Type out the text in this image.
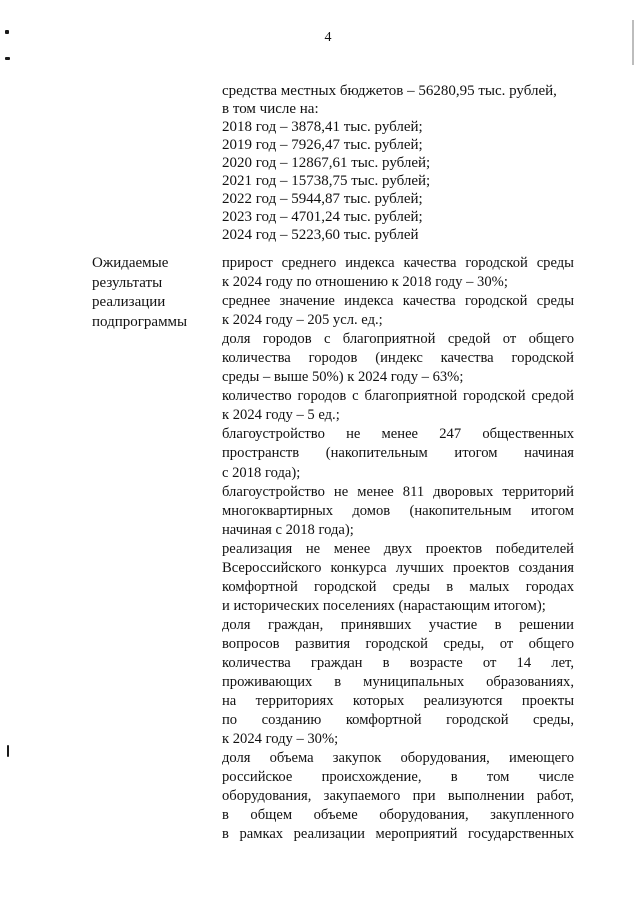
4
средства местных бюджетов – 56280,95 тыс. рублей,
в том числе на:
2018 год – 3878,41 тыс. рублей;
2019 год – 7926,47 тыс. рублей;
2020 год – 12867,61 тыс. рублей;
2021 год – 15738,75 тыс. рублей;
2022 год – 5944,87 тыс. рублей;
2023 год – 4701,24 тыс. рублей;
2024 год – 5223,60 тыс. рублей
Ожидаемые
результаты
реализации
подпрограммы
прирост среднего индекса качества городской среды
к 2024 году по отношению к 2018 году – 30%;
среднее значение индекса качества городской среды
к 2024 году – 205 усл. ед.;
доля городов с благоприятной средой от общего
количества городов (индекс качества городской
среды – выше 50%) к 2024 году – 63%;
количество городов с благоприятной городской средой
к 2024 году – 5 ед.;
благоустройство не менее 247 общественных
пространств (накопительным итогом начиная
с 2018 года);
благоустройство не менее 811 дворовых территорий
многоквартирных домов (накопительным итогом
начиная с 2018 года);
реализация не менее двух проектов победителей
Всероссийского конкурса лучших проектов создания
комфортной городской среды в малых городах
и исторических поселениях (нарастающим итогом);
доля граждан, принявших участие в решении
вопросов развития городской среды, от общего
количества граждан в возрасте от 14 лет,
проживающих в муниципальных образованиях,
на территориях которых реализуются проекты
по созданию комфортной городской среды,
к 2024 году – 30%;
доля объема закупок оборудования, имеющего
российское происхождение, в том числе
оборудования, закупаемого при выполнении работ,
в общем объеме оборудования, закупленного
в рамках реализации мероприятий государственных
